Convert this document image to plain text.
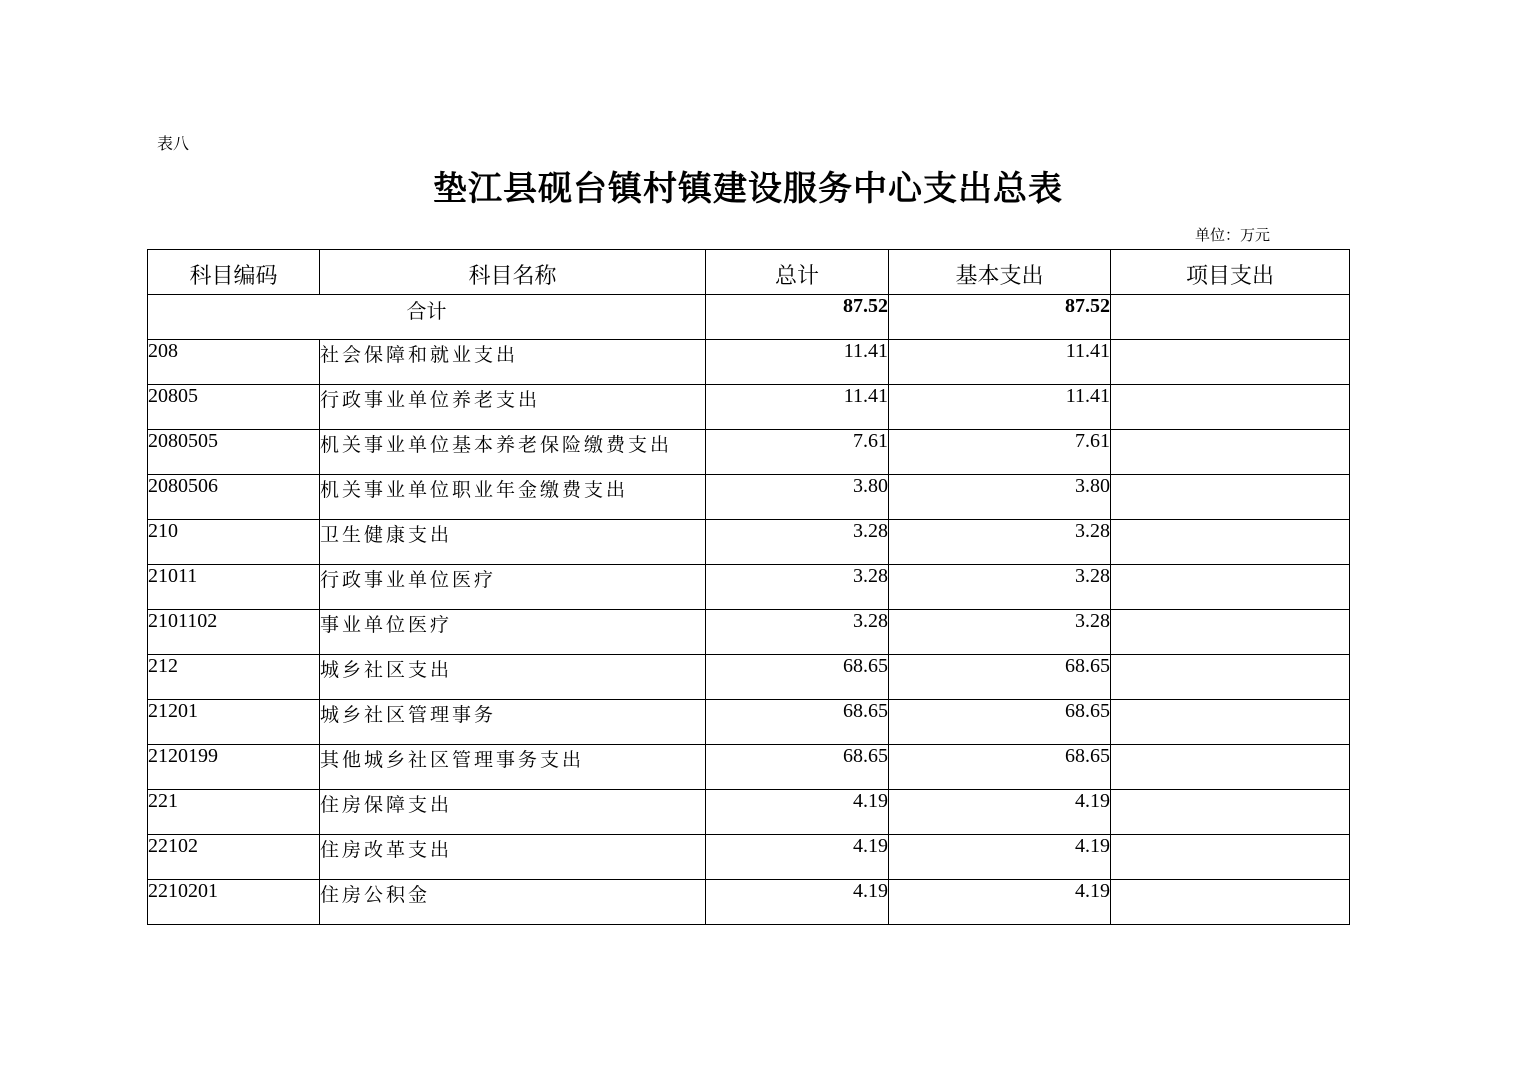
表八
垫江县砚台镇村镇建设服务中心支出总表
单位：万元
科目编码	科目名称	总计	基本支出	项目支出
合计		87.52	87.52	
208	社会保障和就业支出	11.41	11.41	
20805	行政事业单位养老支出	11.41	11.41	
2080505	机关事业单位基本养老保险缴费支出	7.61	7.61	
2080506	机关事业单位职业年金缴费支出	3.80	3.80	
210	卫生健康支出	3.28	3.28	
21011	行政事业单位医疗	3.28	3.28	
2101102	事业单位医疗	3.28	3.28	
212	城乡社区支出	68.65	68.65	
21201	城乡社区管理事务	68.65	68.65	
2120199	其他城乡社区管理事务支出	68.65	68.65	
221	住房保障支出	4.19	4.19	
22102	住房改革支出	4.19	4.19	
2210201	住房公积金	4.19	4.19	
